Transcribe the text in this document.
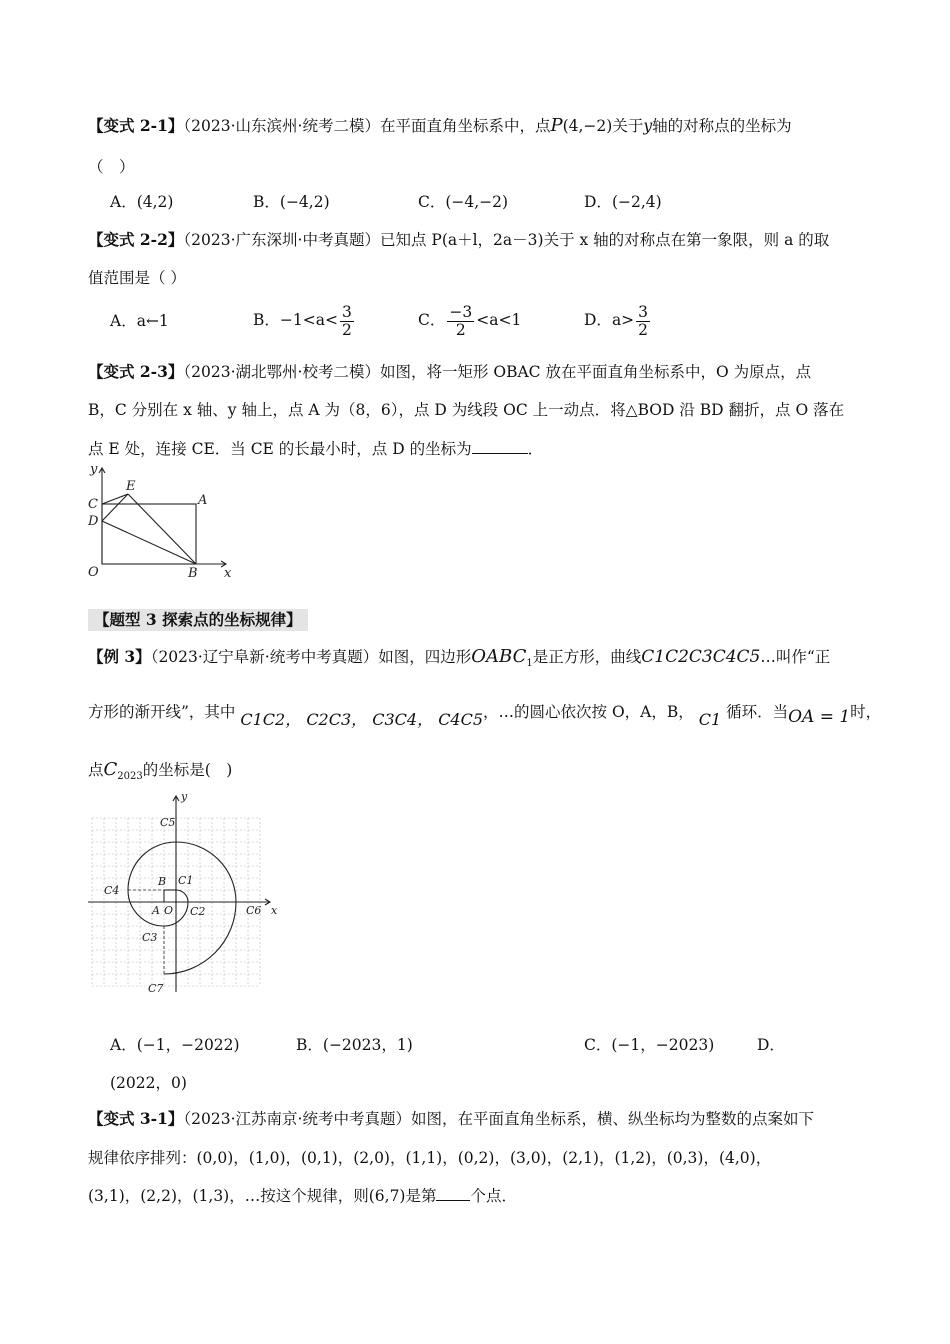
【变式 2-1】（2023·山东滨州·统考二模）在平面直角坐标系中，点P(4,−2)关于y轴的对称点的坐标为
（　）
A．(4,2)	B．(−4,2)	C．(−4,−2)	D．(−2,4)
【变式 2-2】（2023·广东深圳·中考真题）已知点 P(a＋l，2a－3)关于 x 轴的对称点在第一象限，则 a 的取
值范围是（ ）
A．a←1	B．$-1<a< \frac{3}{2}$	C． $\frac{-3}{2} <a<1$	D．$a> \frac{3}{2}$
【变式 2-3】（2023·湖北鄂州·校考二模）如图，将一矩形 OBAC 放在平面直角坐标系中，O 为原点，点
B，C 分别在 x 轴、y 轴上，点 A 为（8，6），点 D 为线段 OC 上一动点．将△BOD 沿 BD 翻折，点 O 落在
点 E 处，连接 CE．当 CE 的长最小时，点 D 的坐标为	．
y
x
C
E
A
D
O	B
【题型 3 探索点的坐标规律】
【例 3】（2023·辽宁阜新·统考中考真题）如图，四边形$OABC_1$是正方形，曲线C1C2C3C4C5…叫作“正
方形的渐开线”，其中 C1C2， C2C3， C3C4， C4C5，…的圆心依次按 O，A，B， C1 循环．当OA = 1时，
点$C_{2023}$的坐标是(　)
y
x
O
A
B C1
C2
C3
C4
C5
C6
C7
A．(−1，−2022)	B．(−2023，1)	C．(−1，−2023)	D．
(2022，0)
【变式 3-1】（2023·江苏南京·统考中考真题）如图，在平面直角坐标系，横、纵坐标均为整数的点案如下
规律依序排列：(0,0)，(1,0)，(0,1)，(2,0)，(1,1)，(0,2)，(3,0)，(2,1)，(1,2)，(0,3)，(4,0)，
(3,1)，(2,2)，(1,3)，…按这个规律，则(6,7)是第 个点．
